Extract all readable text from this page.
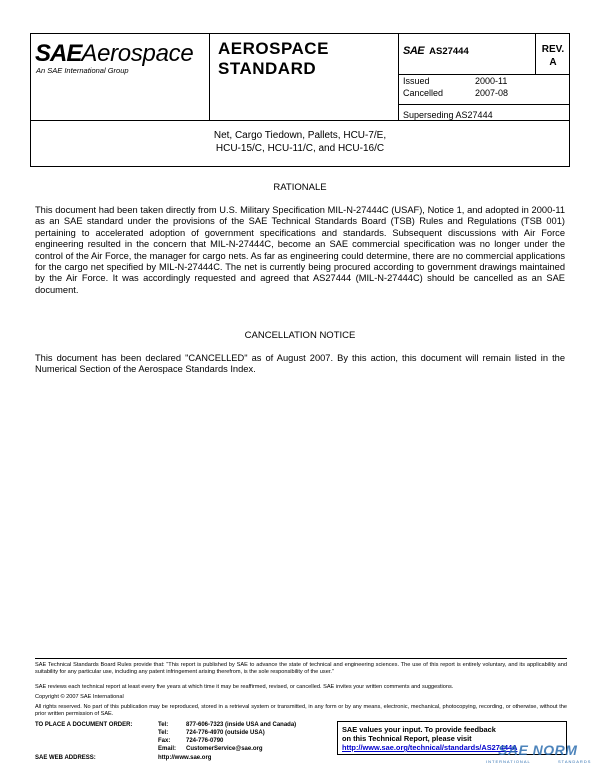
SAEAerospace
An SAE International Group
AEROSPACE
STANDARD
SAE AS27444	REV.
A
Issued	2000-11
Cancelled	2007-08
Superseding AS27444
Net, Cargo Tiedown, Pallets, HCU-7/E,
HCU-15/C, HCU-11/C, and HCU-16/C
RATIONALE
This document had been taken directly from U.S. Military Specification MIL-N-27444C (USAF), Notice 1, and adopted in 2000-11 as an SAE standard under the provisions of the SAE Technical Standards Board (TSB) Rules and Regulations (TSB 001) pertaining to accelerated adoption of government specifications and standards. Subsequent discussions with Air Force engineering resulted in the concern that MIL-N-27444C, become an SAE commercial specification was no longer under the control of the Air Force, the manager for cargo nets. As far as engineering could determine, there are no commercial applications for the cargo net specified by MIL-N-27444C. The net is currently being procured according to government drawings maintained by the Air Force. It was accordingly requested and agreed that AS27444 (MIL-N-27444C) should be cancelled as an SAE document.
CANCELLATION NOTICE
This document has been declared "CANCELLED" as of August 2007. By this action, this document will remain listed in the Numerical Section of the Aerospace Standards Index.
SAE Technical Standards Board Rules provide that: “This report is published by SAE to advance the state of technical and engineering sciences. The use of this report is entirely voluntary, and its applicability and suitability for any particular use, including any patent infringement arising therefrom, is the sole responsibility of the user.”
SAE reviews each technical report at least every five years at which time it may be reaffirmed, revised, or cancelled. SAE invites your written comments and suggestions.
Copyright © 2007 SAE International
All rights reserved. No part of this publication may be reproduced, stored in a retrieval system or transmitted, in any form or by any means, electronic, mechanical, photocopying, recording, or otherwise, without the prior written permission of SAE.
TO PLACE A DOCUMENT ORDER:	Tel:	877-606-7323 (inside USA and Canada)
Tel:	724-776-4970 (outside USA)
Fax:	724-776-0790
Email: CustomerService@sae.org
SAE WEB ADDRESS:	http://www.sae.org
SAE values your input. To provide feedback
on this Technical Report, please visit
http://www.sae.org/technical/standards/AS27444A
SAE NORM
INTERNATIONAL	STANDARDS
